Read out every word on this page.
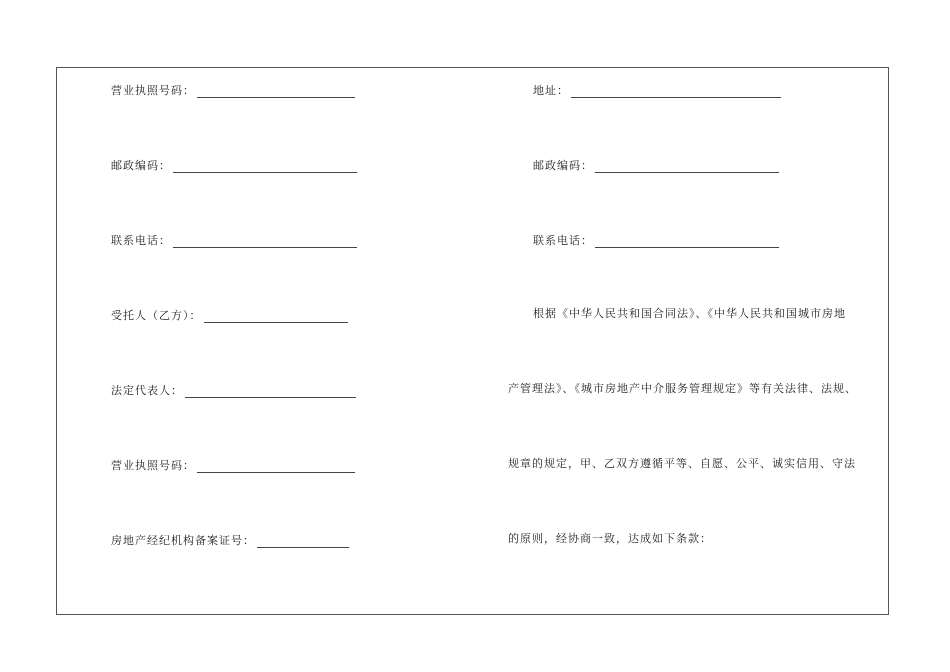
营业执照号码：
邮政编码：
联系电话：
受托人（乙方）：
法定代表人：
营业执照号码：
房地产经纪机构备案证号：
地址：
邮政编码：
联系电话：
根据《中华人民共和国合同法》、《中华人民共和国城市房地
产管理法》、《城市房地产中介服务管理规定》等有关法律、法规、
规章的规定，甲、乙双方遵循平等、自愿、公平、诚实信用、守法
的原则，经协商一致，达成如下条款：
